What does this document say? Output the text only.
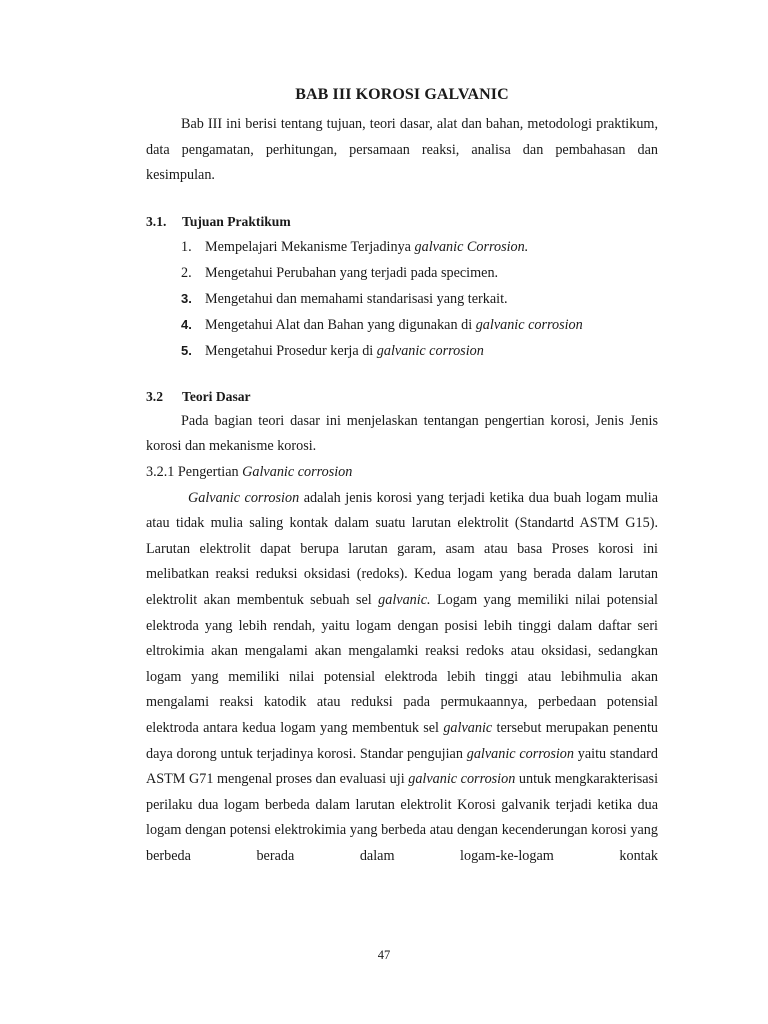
BAB III KOROSI GALVANIC

Bab III ini berisi tentang tujuan, teori dasar, alat dan bahan, metodologi praktikum, data pengamatan, perhitungan, persamaan reaksi, analisa dan pembahasan dan kesimpulan.

3.1.	Tujuan Praktikum
1. Mempelajari Mekanisme Terjadinya galvanic Corrosion.
2. Mengetahui Perubahan yang terjadi pada specimen.
3. Mengetahui dan memahami standarisasi yang terkait.
4. Mengetahui Alat dan Bahan yang digunakan di galvanic corrosion
5. Mengetahui Prosedur kerja di galvanic corrosion
3.2	Teori Dasar

Pada bagian teori dasar ini menjelaskan tentangan pengertian korosi, Jenis Jenis korosi dan mekanisme korosi.

3.2.1 Pengertian Galvanic corrosion

Galvanic corrosion adalah jenis korosi yang terjadi ketika dua buah logam mulia atau tidak mulia saling kontak dalam suatu larutan elektrolit (Standartd ASTM G15). Larutan elektrolit dapat berupa larutan garam, asam atau basa Proses korosi ini melibatkan reaksi reduksi oksidasi (redoks). Kedua logam yang berada dalam larutan elektrolit akan membentuk sebuah sel galvanic. Logam yang memiliki nilai potensial elektroda yang lebih rendah, yaitu logam dengan posisi lebih tinggi dalam daftar seri eltrokimia akan mengalami akan mengalamki reaksi redoks atau oksidasi, sedangkan logam yang memiliki nilai potensial elektroda lebih tinggi atau lebihmulia akan mengalami reaksi katodik atau reduksi pada permukaannya, perbedaan potensial elektroda antara kedua logam yang membentuk sel galvanic tersebut merupakan penentu daya dorong untuk terjadinya korosi. Standar pengujian galvanic corrosion yaitu standard ASTM G71 mengenal proses dan evaluasi uji galvanic corrosion untuk mengkarakterisasi perilaku dua logam berbeda dalam larutan elektrolit Korosi galvanik terjadi ketika dua logam dengan potensi elektrokimia yang berbeda atau dengan kecenderungan korosi yang berbeda berada dalam logam-ke-logam kontak

47
